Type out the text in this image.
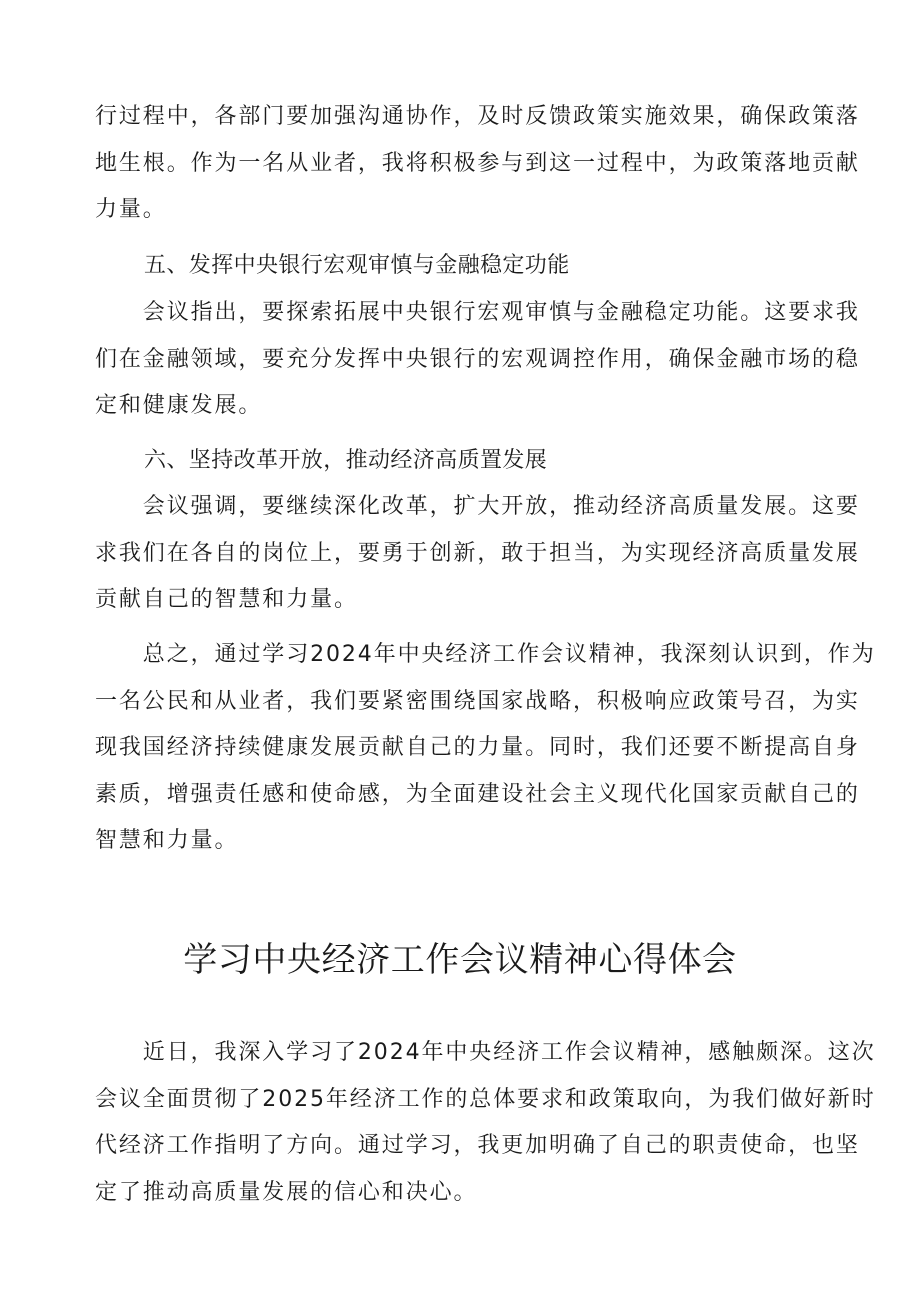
行过程中，各部门要加强沟通协作，及时反馈政策实施效果，确保政策落
地生根。作为一名从业者，我将积极参与到这一过程中，为政策落地贡献
力量。
五、发挥中央银行宏观审慎与金融稳定功能
　　会议指出，要探索拓展中央银行宏观审慎与金融稳定功能。这要求我
们在金融领域，要充分发挥中央银行的宏观调控作用，确保金融市场的稳
定和健康发展。
六、坚持改革开放，推动经济高质置发展
　　会议强调，要继续深化改革，扩大开放，推动经济高质量发展。这要
求我们在各自的岗位上，要勇于创新，敢于担当，为实现经济高质量发展
贡献自己的智慧和力量。
　　总之，通过学习2024年中央经济工作会议精神，我深刻认识到，作为
一名公民和从业者，我们要紧密围绕国家战略，积极响应政策号召，为实
现我国经济持续健康发展贡献自己的力量。同时，我们还要不断提高自身
素质，增强责任感和使命感，为全面建设社会主义现代化国家贡献自己的
智慧和力量。
学习中央经济工作会议精神心得体会
　　近日，我深入学习了2024年中央经济工作会议精神，感触颇深。这次
会议全面贯彻了2025年经济工作的总体要求和政策取向，为我们做好新时
代经济工作指明了方向。通过学习，我更加明确了自己的职责使命，也坚
定了推动高质量发展的信心和决心。
